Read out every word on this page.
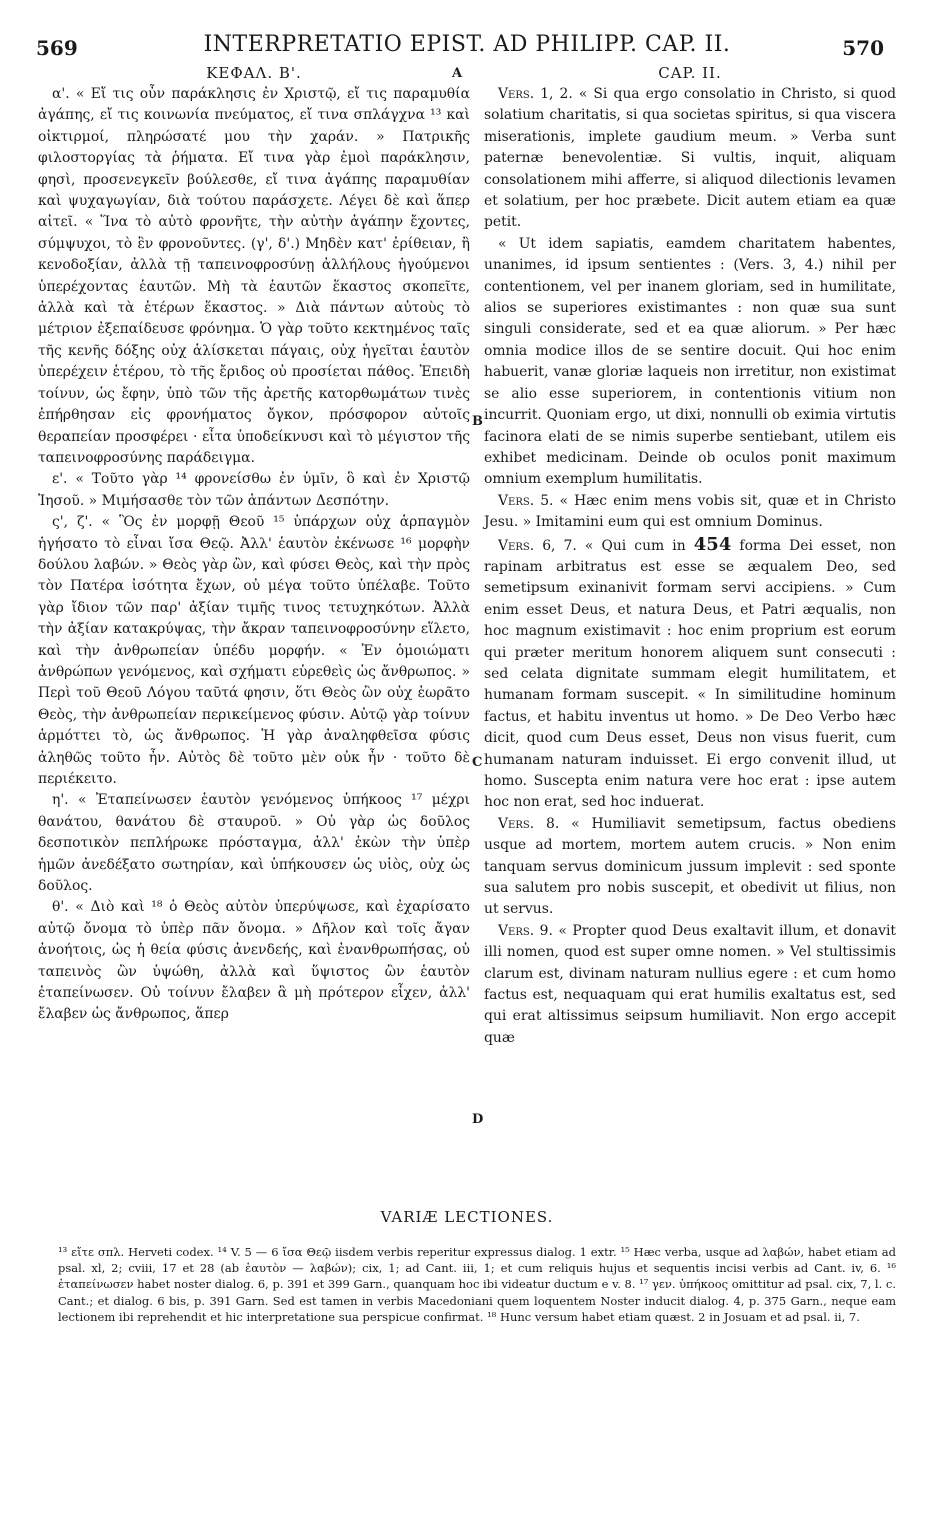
569	INTERPRETATIO EPIST. AD PHILIPP. CAP. II.	570
ΚΕΦΑΛ. Β'.

α'. « Εἴ τις οὖν παράκλησις ἐν Χριστῷ, εἴ τις παραμυθία ἀγάπης, εἴ τις κοινωνία πνεύματος, εἴ τινα σπλάγχνα ¹³ καὶ οἰκτιρμοί, πληρώσατέ μου τὴν χαράν. » Πατρικῆς φιλοστοργίας τὰ ῥήματα. Εἴ τινα γὰρ ἐμοὶ παράκλησιν, φησὶ, προσενεγκεῖν βούλεσθε, εἴ τινα ἀγάπης παραμυθίαν καὶ ψυχαγωγίαν, διὰ τούτου παράσχετε. Λέγει δὲ καὶ ἅπερ αἰτεῖ. « Ἵνα τὸ αὐτὸ φρονῆτε, τὴν αὐτὴν ἀγάπην ἔχοντες, σύμψυχοι, τὸ ἓν φρονοῦντες. (γ', δ'.) Μηδὲν κατ' ἐρίθειαν, ἢ κενοδοξίαν, ἀλλὰ τῇ ταπεινοφροσύνῃ ἀλλήλους ἡγούμενοι ὑπερέχοντας ἑαυτῶν. Μὴ τὰ ἑαυτῶν ἕκαστος σκοπεῖτε, ἀλλὰ καὶ τὰ ἑτέρων ἕκαστος. » Διὰ πάντων αὐτοὺς τὸ μέτριον ἐξεπαίδευσε φρόνημα. Ὁ γὰρ τοῦτο κεκτημένος ταῖς τῆς κενῆς δόξης οὐχ ἁλίσκεται πάγαις, οὐχ ἡγεῖται ἑαυτὸν ὑπερέχειν ἑτέρου, τὸ τῆς ἔριδος οὐ προσίεται πάθος. Ἐπειδὴ τοίνυν, ὡς ἔφην, ὑπὸ τῶν τῆς ἀρετῆς κατορθωμάτων τινὲς ἐπήρθησαν εἰς φρονήματος ὄγκον, πρόσφορον αὐτοῖς θεραπείαν προσφέρει · εἶτα ὑποδείκνυσι καὶ τὸ μέγιστον τῆς ταπεινοφροσύνης παράδειγμα.

ε'. « Τοῦτο γὰρ ¹⁴ φρονείσθω ἐν ὑμῖν, ὃ καὶ ἐν Χριστῷ Ἰησοῦ. » Μιμήσασθε τὸν τῶν ἁπάντων Δεσπότην.

ς', ζ'. « Ὃς ἐν μορφῇ Θεοῦ ¹⁵ ὑπάρχων οὐχ ἁρπαγμὸν ἡγήσατο τὸ εἶναι ἴσα Θεῷ. Ἀλλ' ἑαυτὸν ἐκένωσε ¹⁶ μορφὴν δούλου λαβών. » Θεὸς γὰρ ὢν, καὶ φύσει Θεὸς, καὶ τὴν πρὸς τὸν Πατέρα ἰσότητα ἔχων, οὐ μέγα τοῦτο ὑπέλαβε. Τοῦτο γὰρ ἴδιον τῶν παρ' ἀξίαν τιμῆς τινος τετυχηκότων. Ἀλλὰ τὴν ἀξίαν κατακρύψας, τὴν ἄκραν ταπεινοφροσύνην εἵλετο, καὶ τὴν ἀνθρωπείαν ὑπέδυ μορφήν. « Ἐν ὁμοιώματι ἀνθρώπων γενόμενος, καὶ σχήματι εὑρεθεὶς ὡς ἄνθρωπος. » Περὶ τοῦ Θεοῦ Λόγου ταῦτά φησιν, ὅτι Θεὸς ὢν οὐχ ἑωρᾶτο Θεὸς, τὴν ἀνθρωπείαν περικείμενος φύσιν. Αὐτῷ γὰρ τοίνυν ἁρμόττει τὸ, ὡς ἄνθρωπος. Ἡ γὰρ ἀναληφθεῖσα φύσις ἀληθῶς τοῦτο ἦν. Αὐτὸς δὲ τοῦτο μὲν οὐκ ἦν · τοῦτο δὲ περιέκειτο.

η'. « Ἐταπείνωσεν ἑαυτὸν γενόμενος ὑπήκοος ¹⁷ μέχρι θανάτου, θανάτου δὲ σταυροῦ. » Οὐ γὰρ ὡς δοῦλος δεσποτικὸν πεπλήρωκε πρόσταγμα, ἀλλ' ἑκὼν τὴν ὑπὲρ ἡμῶν ἀνεδέξατο σωτηρίαν, καὶ ὑπήκουσεν ὡς υἱὸς, οὐχ ὡς δοῦλος.

θ'. « Διὸ καὶ ¹⁸ ὁ Θεὸς αὐτὸν ὑπερύψωσε, καὶ ἐχαρίσατο αὐτῷ ὄνομα τὸ ὑπὲρ πᾶν ὄνομα. » Δῆλον καὶ τοῖς ἄγαν ἀνοήτοις, ὡς ἡ θεία φύσις ἀνενδεής, καὶ ἐνανθρωπήσας, οὐ ταπεινὸς ὢν ὑψώθη, ἀλλὰ καὶ ὕψιστος ὢν ἑαυτὸν ἐταπείνωσεν. Οὐ τοίνυν ἔλαβεν ἃ μὴ πρότερον εἶχεν, ἀλλ' ἔλαβεν ὡς ἄνθρωπος, ἅπερ

A
B
C
D
CAP. II.

Vers. 1, 2. « Si qua ergo consolatio in Christo, si quod solatium charitatis, si qua societas spiritus, si qua viscera miserationis, implete gaudium meum. » Verba sunt paternæ benevolentiæ. Si vultis, inquit, aliquam consolationem mihi afferre, si aliquod dilectionis levamen et solatium, per hoc præbete. Dicit autem etiam ea quæ petit.

« Ut idem sapiatis, eamdem charitatem habentes, unanimes, id ipsum sentientes : (Vers. 3, 4.) nihil per contentionem, vel per inanem gloriam, sed in humilitate, alios se superiores existimantes : non quæ sua sunt singuli considerate, sed et ea quæ aliorum. » Per hæc omnia modice illos de se sentire docuit. Qui hoc enim habuerit, vanæ gloriæ laqueis non irretitur, non existimat se alio esse superiorem, in contentionis vitium non incurrit. Quoniam ergo, ut dixi, nonnulli ob eximia virtutis facinora elati de se nimis superbe sentiebant, utilem eis exhibet medicinam. Deinde ob oculos ponit maximum omnium exemplum humilitatis.

Vers. 5. « Hæc enim mens vobis sit, quæ et in Christo Jesu. » Imitamini eum qui est omnium Dominus.

Vers. 6, 7. « Qui cum in 454 forma Dei esset, non rapinam arbitratus est esse se æqualem Deo, sed semetipsum exinanivit formam servi accipiens. » Cum enim esset Deus, et natura Deus, et Patri æqualis, non hoc magnum existimavit : hoc enim proprium est eorum qui præter meritum honorem aliquem sunt consecuti : sed celata dignitate summam elegit humilitatem, et humanam formam suscepit. « In similitudine hominum factus, et habitu inventus ut homo. » De Deo Verbo hæc dicit, quod cum Deus esset, Deus non visus fuerit, cum humanam naturam induisset. Ei ergo convenit illud, ut homo. Suscepta enim natura vere hoc erat : ipse autem hoc non erat, sed hoc induerat.

Vers. 8. « Humiliavit semetipsum, factus obediens usque ad mortem, mortem autem crucis. » Non enim tanquam servus dominicum jussum implevit : sed sponte sua salutem pro nobis suscepit, et obedivit ut filius, non ut servus.

Vers. 9. « Propter quod Deus exaltavit illum, et donavit illi nomen, quod est super omne nomen. » Vel stultissimis clarum est, divinam naturam nullius egere : et cum homo factus est, nequaquam qui erat humilis exaltatus est, sed qui erat altissimus seipsum humiliavit. Non ergo accepit quæ

VARIÆ LECTIONES.

¹³ εἴτε σπλ. Herveti codex. ¹⁴ V. 5 — 6 ἴσα Θεῷ iisdem verbis reperitur expressus dialog. 1 extr. ¹⁵ Hæc verba, usque ad λαβών, habet etiam ad psal. xl, 2; cviii, 17 et 28 (ab ἑαυτὸν — λαβών); cix, 1; ad Cant. iii, 1; et cum reliquis hujus et sequentis incisi verbis ad Cant. iv, 6. ¹⁶ ἐταπείνωσεν habet noster dialog. 6, p. 391 et 399 Garn., quanquam hoc ibi videatur ductum e v. 8. ¹⁷ γεν. ὑπήκοος omittitur ad psal. cix, 7, l. c. Cant.; et dialog. 6 bis, p. 391 Garn. Sed est tamen in verbis Macedoniani quem loquentem Noster inducit dialog. 4, p. 375 Garn., neque eam lectionem ibi reprehendit et hic interpretatione sua perspicue confirmat. ¹⁸ Hunc versum habet etiam quæst. 2 in Josuam et ad psal. ii, 7.
